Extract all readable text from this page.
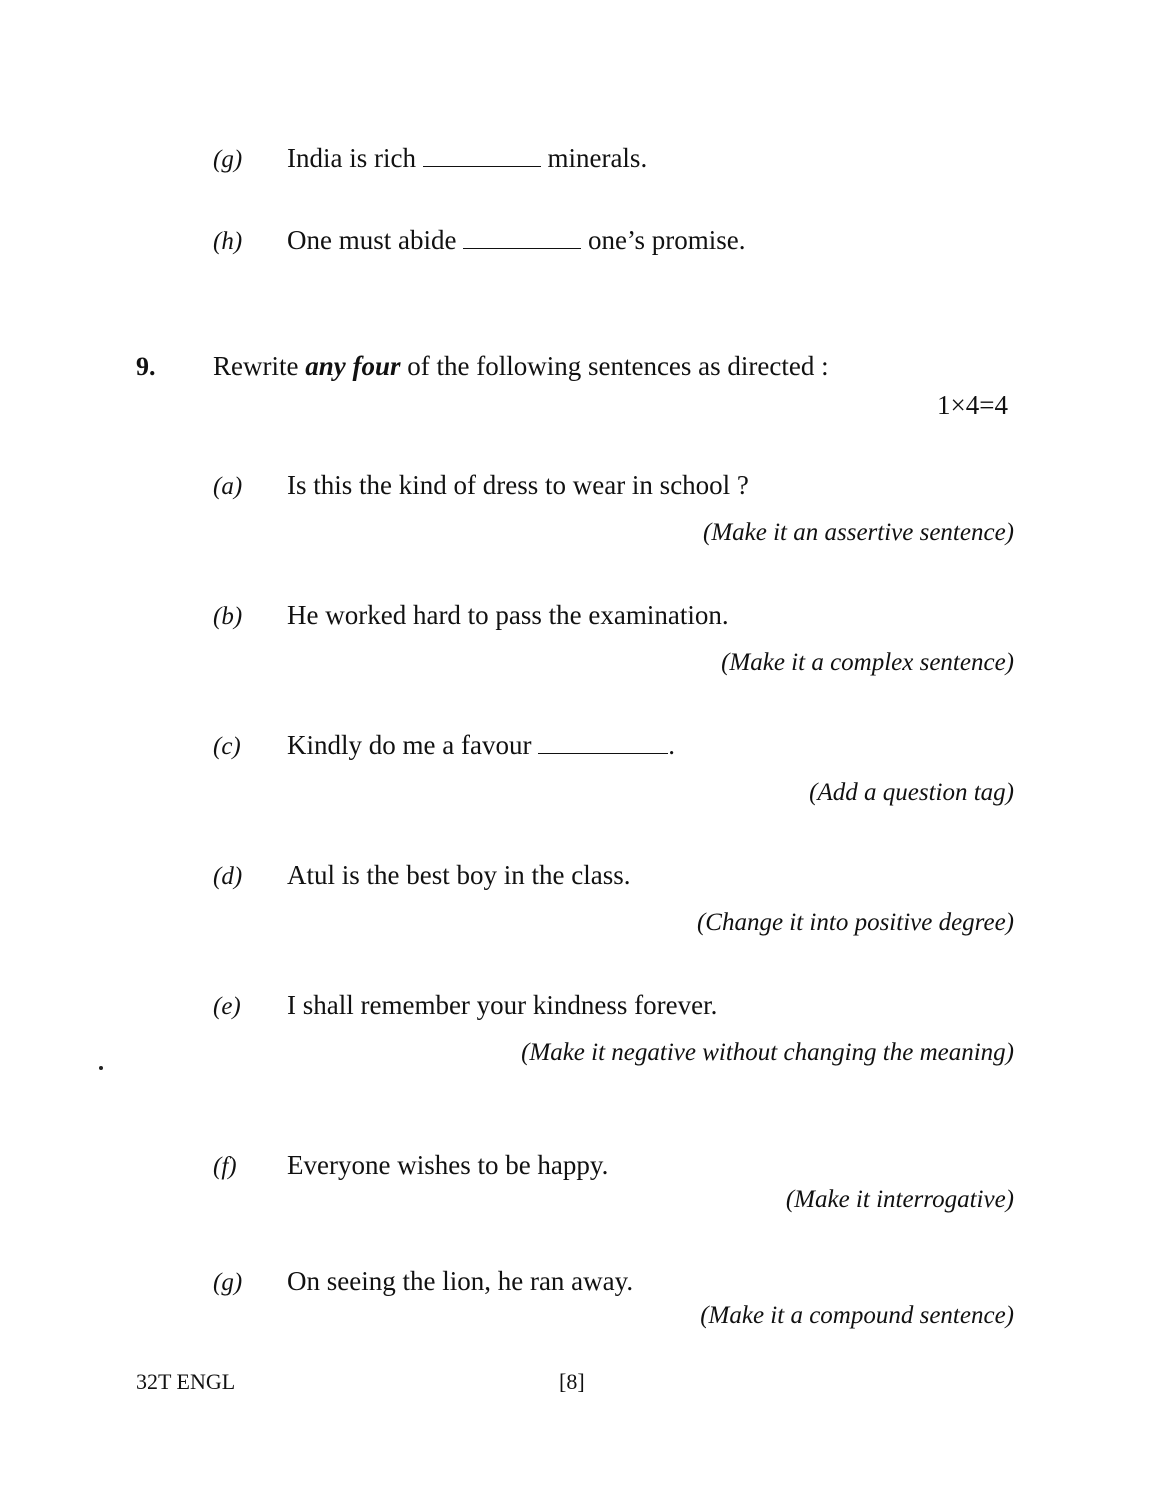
(g) India is rich	minerals.
(h) One must abide	one’s promise.
9. Rewrite any four of the following sentences as directed :
1×4=4
(a) Is this the kind of dress to wear in school ?
(Make it an assertive sentence)
(b) He worked hard to pass the examination.
(Make it a complex sentence)
(c) Kindly do me a favour	.
(Add a question tag)
(d) Atul is the best boy in the class.
(Change it into positive degree)
(e) I shall remember your kindness forever.
(Make it negative without changing the meaning)
(f) Everyone wishes to be happy.
(Make it interrogative)
(g) On seeing the lion, he ran away.
(Make it a compound sentence)
32T ENGL	[8]
